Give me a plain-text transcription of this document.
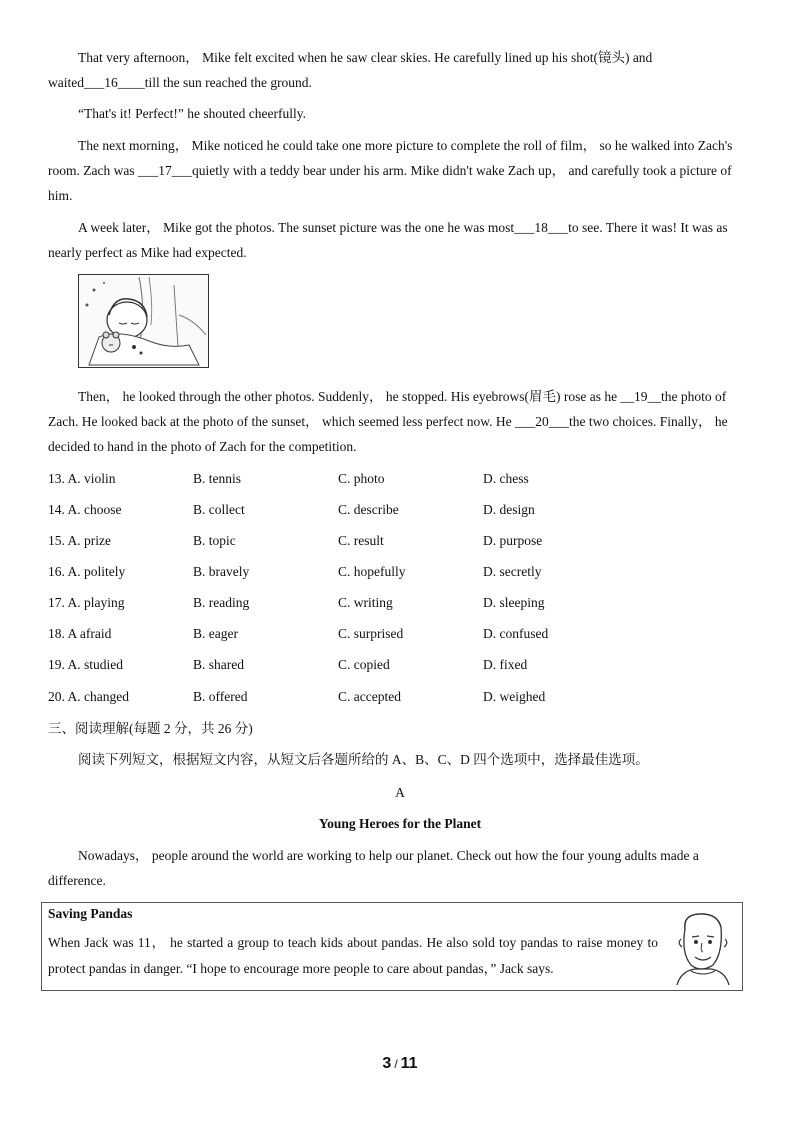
That very afternoon， Mike felt excited when he saw clear skies. He carefully lined up his shot(镜头) and waited___16____till the sun reached the ground.

“That's it! Perfect!” he shouted cheerfully.

The next morning， Mike noticed he could take one more picture to complete the roll of film， so he walked into Zach's room. Zach was ___17___quietly with a teddy bear under his arm. Mike didn't wake Zach up， and carefully took a picture of him.

A week later， Mike got the photos. The sunset picture was the one he was most___18___to see. There it was! It was as nearly perfect as Mike had expected.

Then， he looked through the other photos. Suddenly， he stopped. His eyebrows(眉毛) rose as he __19__the photo of Zach. He looked back at the photo of the sunset， which seemed less perfect now. He ___20___the two choices. Finally， he decided to hand in the photo of Zach for the competition.

13. A. violin	B. tennis	C. photo	D. chess
14. A. choose	B. collect	C. describe	D. design
15. A. prize	B. topic	C. result	D. purpose
16. A. politely	B. bravely	C. hopefully	D. secretly
17. A. playing	B. reading	C. writing	D. sleeping
18. A afraid	B. eager	C. surprised	D. confused
19. A. studied	B. shared	C. copied	D. fixed
20. A. changed	B. offered	C. accepted	D. weighed

三、阅读理解(每题 2 分，共 26 分)

阅读下列短文，根据短文内容，从短文后各题所给的 A、B、C、D 四个选项中，选择最佳选项。

A
Young Heroes for the Planet

Nowadays， people around the world are working to help our planet. Check out how the four young adults made a difference.

Saving Pandas

When Jack was 11， he started a group to teach kids about pandas. He also sold toy pandas to raise money to protect pandas in danger. “I hope to encourage more people to care about pandas，” Jack says.

3 / 11
